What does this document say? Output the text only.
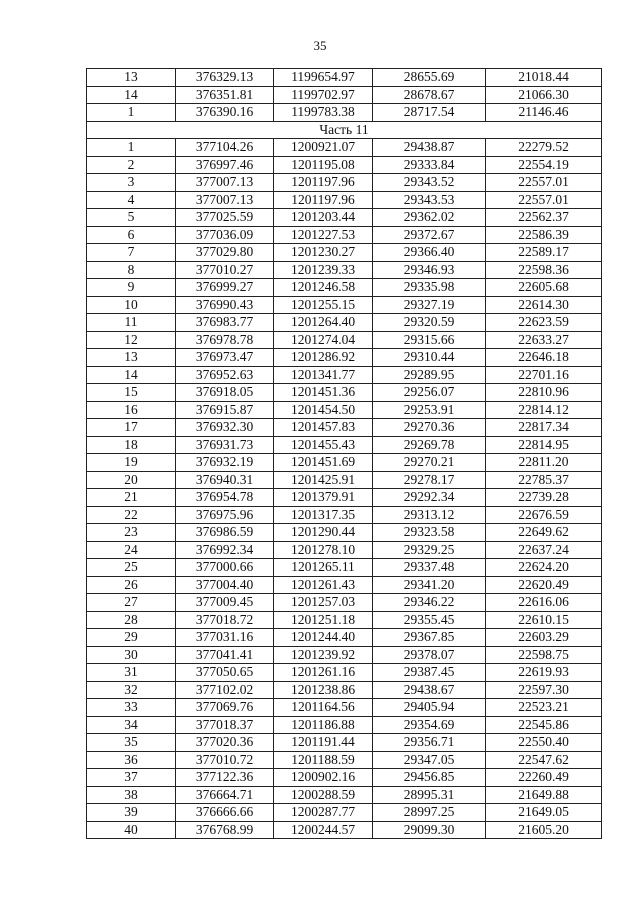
35
13	376329.13	1199654.97	28655.69	21018.44
14	376351.81	1199702.97	28678.67	21066.30
1	376390.16	1199783.38	28717.54	21146.46
Часть 11				
1	377104.26	1200921.07	29438.87	22279.52
2	376997.46	1201195.08	29333.84	22554.19
3	377007.13	1201197.96	29343.52	22557.01
4	377007.13	1201197.96	29343.53	22557.01
5	377025.59	1201203.44	29362.02	22562.37
6	377036.09	1201227.53	29372.67	22586.39
7	377029.80	1201230.27	29366.40	22589.17
8	377010.27	1201239.33	29346.93	22598.36
9	376999.27	1201246.58	29335.98	22605.68
10	376990.43	1201255.15	29327.19	22614.30
11	376983.77	1201264.40	29320.59	22623.59
12	376978.78	1201274.04	29315.66	22633.27
13	376973.47	1201286.92	29310.44	22646.18
14	376952.63	1201341.77	29289.95	22701.16
15	376918.05	1201451.36	29256.07	22810.96
16	376915.87	1201454.50	29253.91	22814.12
17	376932.30	1201457.83	29270.36	22817.34
18	376931.73	1201455.43	29269.78	22814.95
19	376932.19	1201451.69	29270.21	22811.20
20	376940.31	1201425.91	29278.17	22785.37
21	376954.78	1201379.91	29292.34	22739.28
22	376975.96	1201317.35	29313.12	22676.59
23	376986.59	1201290.44	29323.58	22649.62
24	376992.34	1201278.10	29329.25	22637.24
25	377000.66	1201265.11	29337.48	22624.20
26	377004.40	1201261.43	29341.20	22620.49
27	377009.45	1201257.03	29346.22	22616.06
28	377018.72	1201251.18	29355.45	22610.15
29	377031.16	1201244.40	29367.85	22603.29
30	377041.41	1201239.92	29378.07	22598.75
31	377050.65	1201261.16	29387.45	22619.93
32	377102.02	1201238.86	29438.67	22597.30
33	377069.76	1201164.56	29405.94	22523.21
34	377018.37	1201186.88	29354.69	22545.86
35	377020.36	1201191.44	29356.71	22550.40
36	377010.72	1201188.59	29347.05	22547.62
37	377122.36	1200902.16	29456.85	22260.49
38	376664.71	1200288.59	28995.31	21649.88
39	376666.66	1200287.77	28997.25	21649.05
40	376768.99	1200244.57	29099.30	21605.20
